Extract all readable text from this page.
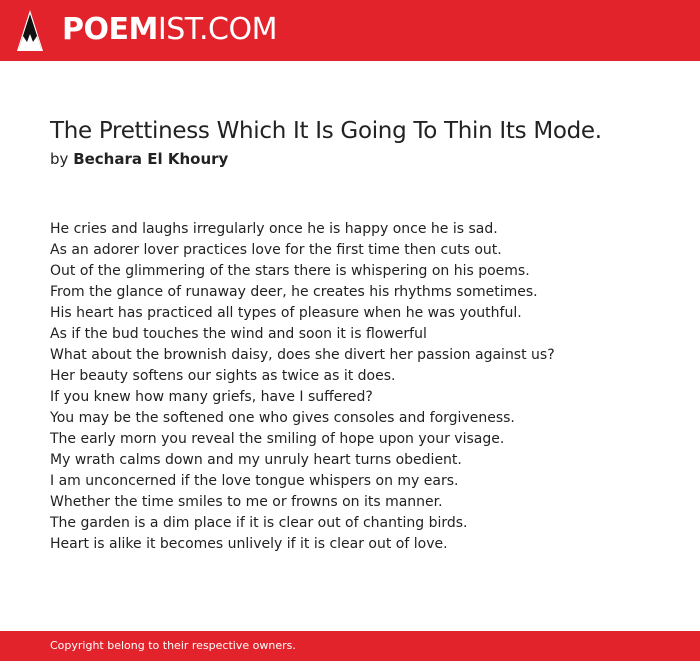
POEMIST.COM
The Prettiness Which It Is Going To Thin Its Mode.
by Bechara El Khoury
He cries and laughs irregularly once he is happy once he is sad.
As an adorer lover practices love for the first time then cuts out.
Out of the glimmering of the stars there is whispering on his poems.
From the glance of runaway deer, he creates his rhythms sometimes.
His heart has practiced all types of pleasure when he was youthful.
As if the bud touches the wind and soon it is flowerful
What about the brownish daisy, does she divert her passion against us?
Her beauty softens our sights as twice as it does.
If you knew how many griefs, have I suffered?
You may be the softened one who gives consoles and forgiveness.
The early morn you reveal the smiling of hope upon your visage.
My wrath calms down and my unruly heart turns obedient.
I am unconcerned if the love tongue whispers on my ears.
Whether the time smiles to me or frowns on its manner.
The garden is a dim place if it is clear out of chanting birds.
Heart is alike it becomes unlively if it is clear out of love.
Copyright belong to their respective owners.
